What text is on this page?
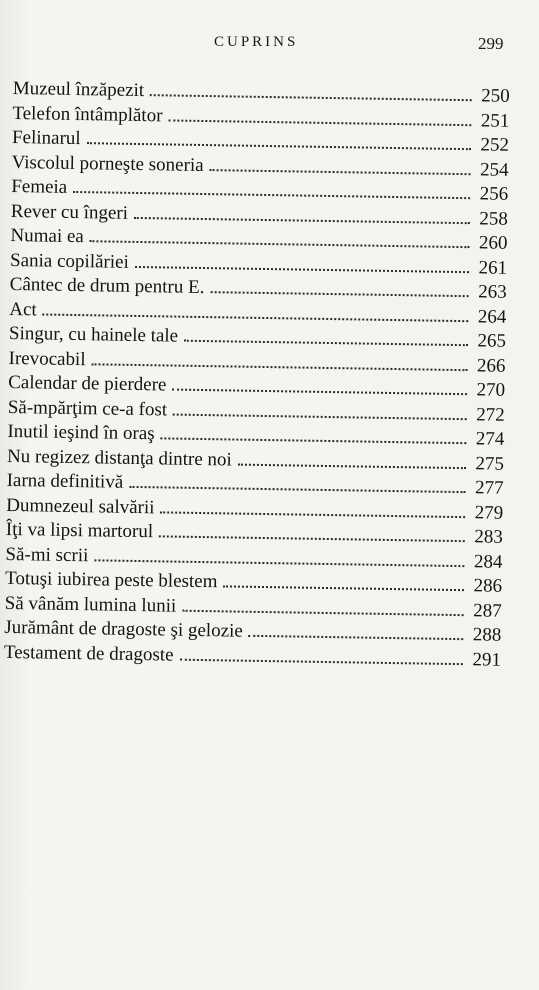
CUPRINS	299
Muzeul înzăpezit	250
Telefon întâmplător	251
Felinarul	252
Viscolul porneşte soneria	254
Femeia	256
Rever cu îngeri	258
Numai ea	260
Sania copilăriei	261
Cântec de drum pentru E.	263
Act	264
Singur, cu hainele tale	265
Irevocabil	266
Calendar de pierdere	270
Să-mpărţim ce-a fost	272
Inutil ieşind în oraş	274
Nu regizez distanţa dintre noi	275
Iarna definitivă	277
Dumnezeul salvării	279
Îţi va lipsi martorul	283
Să-mi scrii	284
Totuşi iubirea peste blestem	286
Să vânăm lumina lunii	287
Jurământ de dragoste şi gelozie	288
Testament de dragoste	291
